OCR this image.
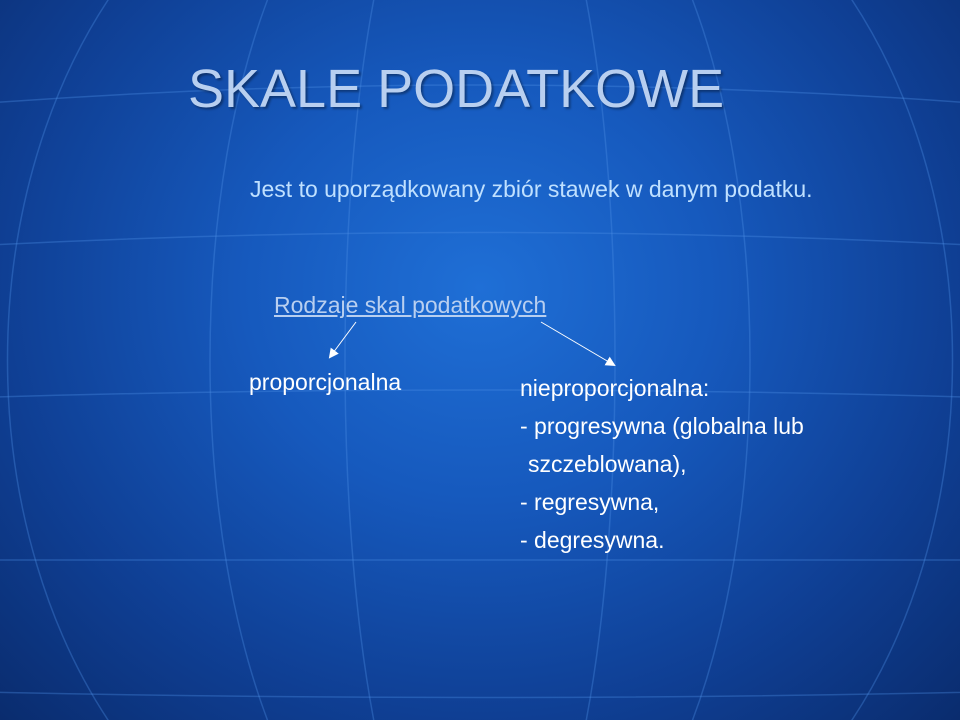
SKALE PODATKOWE
Jest to uporządkowany zbiór stawek w danym podatku.
Rodzaje skal podatkowych
proporcjonalna	nieproporcjonalna:
- progresywna (globalna lub
szczeblowana),
- regresywna,
- degresywna.
